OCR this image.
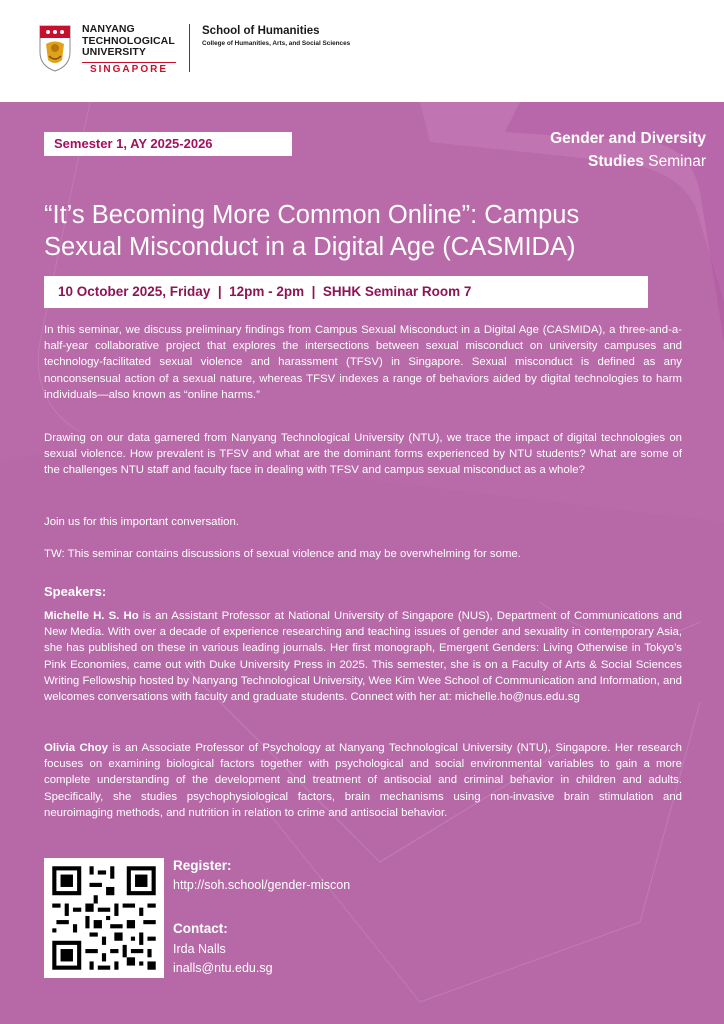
NANYANG
TECHNOLOGICAL
UNIVERSITY
SINGAPORE
School of Humanities
College of Humanities, Arts, and Social Sciences
Semester 1, AY 2025-2026	Gender and Diversity
Studies Seminar
“It’s Becoming More Common Online”: Campus
Sexual Misconduct in a Digital Age (CASMIDA)
10 October 2025, Friday  |  12pm - 2pm  |  SHHK Seminar Room 7

In this seminar, we discuss preliminary findings from Campus Sexual Misconduct in a Digital Age (CASMIDA), a three-and-a-half-year collaborative project that explores the intersections between sexual misconduct on university campuses and technology-facilitated sexual violence and harassment (TFSV) in Singapore. Sexual misconduct is defined as any nonconsensual action of a sexual nature, whereas TFSV indexes a range of behaviors aided by digital technologies to harm individuals—also known as “online harms.”

Drawing on our data garnered from Nanyang Technological University (NTU), we trace the impact of digital technologies on sexual violence. How prevalent is TFSV and what are the dominant forms experienced by NTU students? What are some of the challenges NTU staff and faculty face in dealing with TFSV and campus sexual misconduct as a whole?

Join us for this important conversation.

TW: This seminar contains discussions of sexual violence and may be overwhelming for some.

Speakers:

Michelle H. S. Ho is an Assistant Professor at National University of Singapore (NUS), Department of Communications and New Media. With over a decade of experience researching and teaching issues of gender and sexuality in contemporary Asia, she has published on these in various leading journals. Her first monograph, Emergent Genders: Living Otherwise in Tokyo’s Pink Economies, came out with Duke University Press in 2025. This semester, she is on a Faculty of Arts & Social Sciences Writing Fellowship hosted by Nanyang Technological University, Wee Kim Wee School of Communication and Information, and welcomes conversations with faculty and graduate students. Connect with her at: michelle.ho@nus.edu.sg

Olivia Choy is an Associate Professor of Psychology at Nanyang Technological University (NTU), Singapore. Her research focuses on examining biological factors together with psychological and social environmental variables to gain a more complete understanding of the development and treatment of antisocial and criminal behavior in children and adults. Specifically, she studies psychophysiological factors, brain mechanisms using non-invasive brain stimulation and neuroimaging methods, and nutrition in relation to crime and antisocial behavior.

Register:
http://soh.school/gender-miscon
Contact:
Irda Nalls
inalls@ntu.edu.sg
